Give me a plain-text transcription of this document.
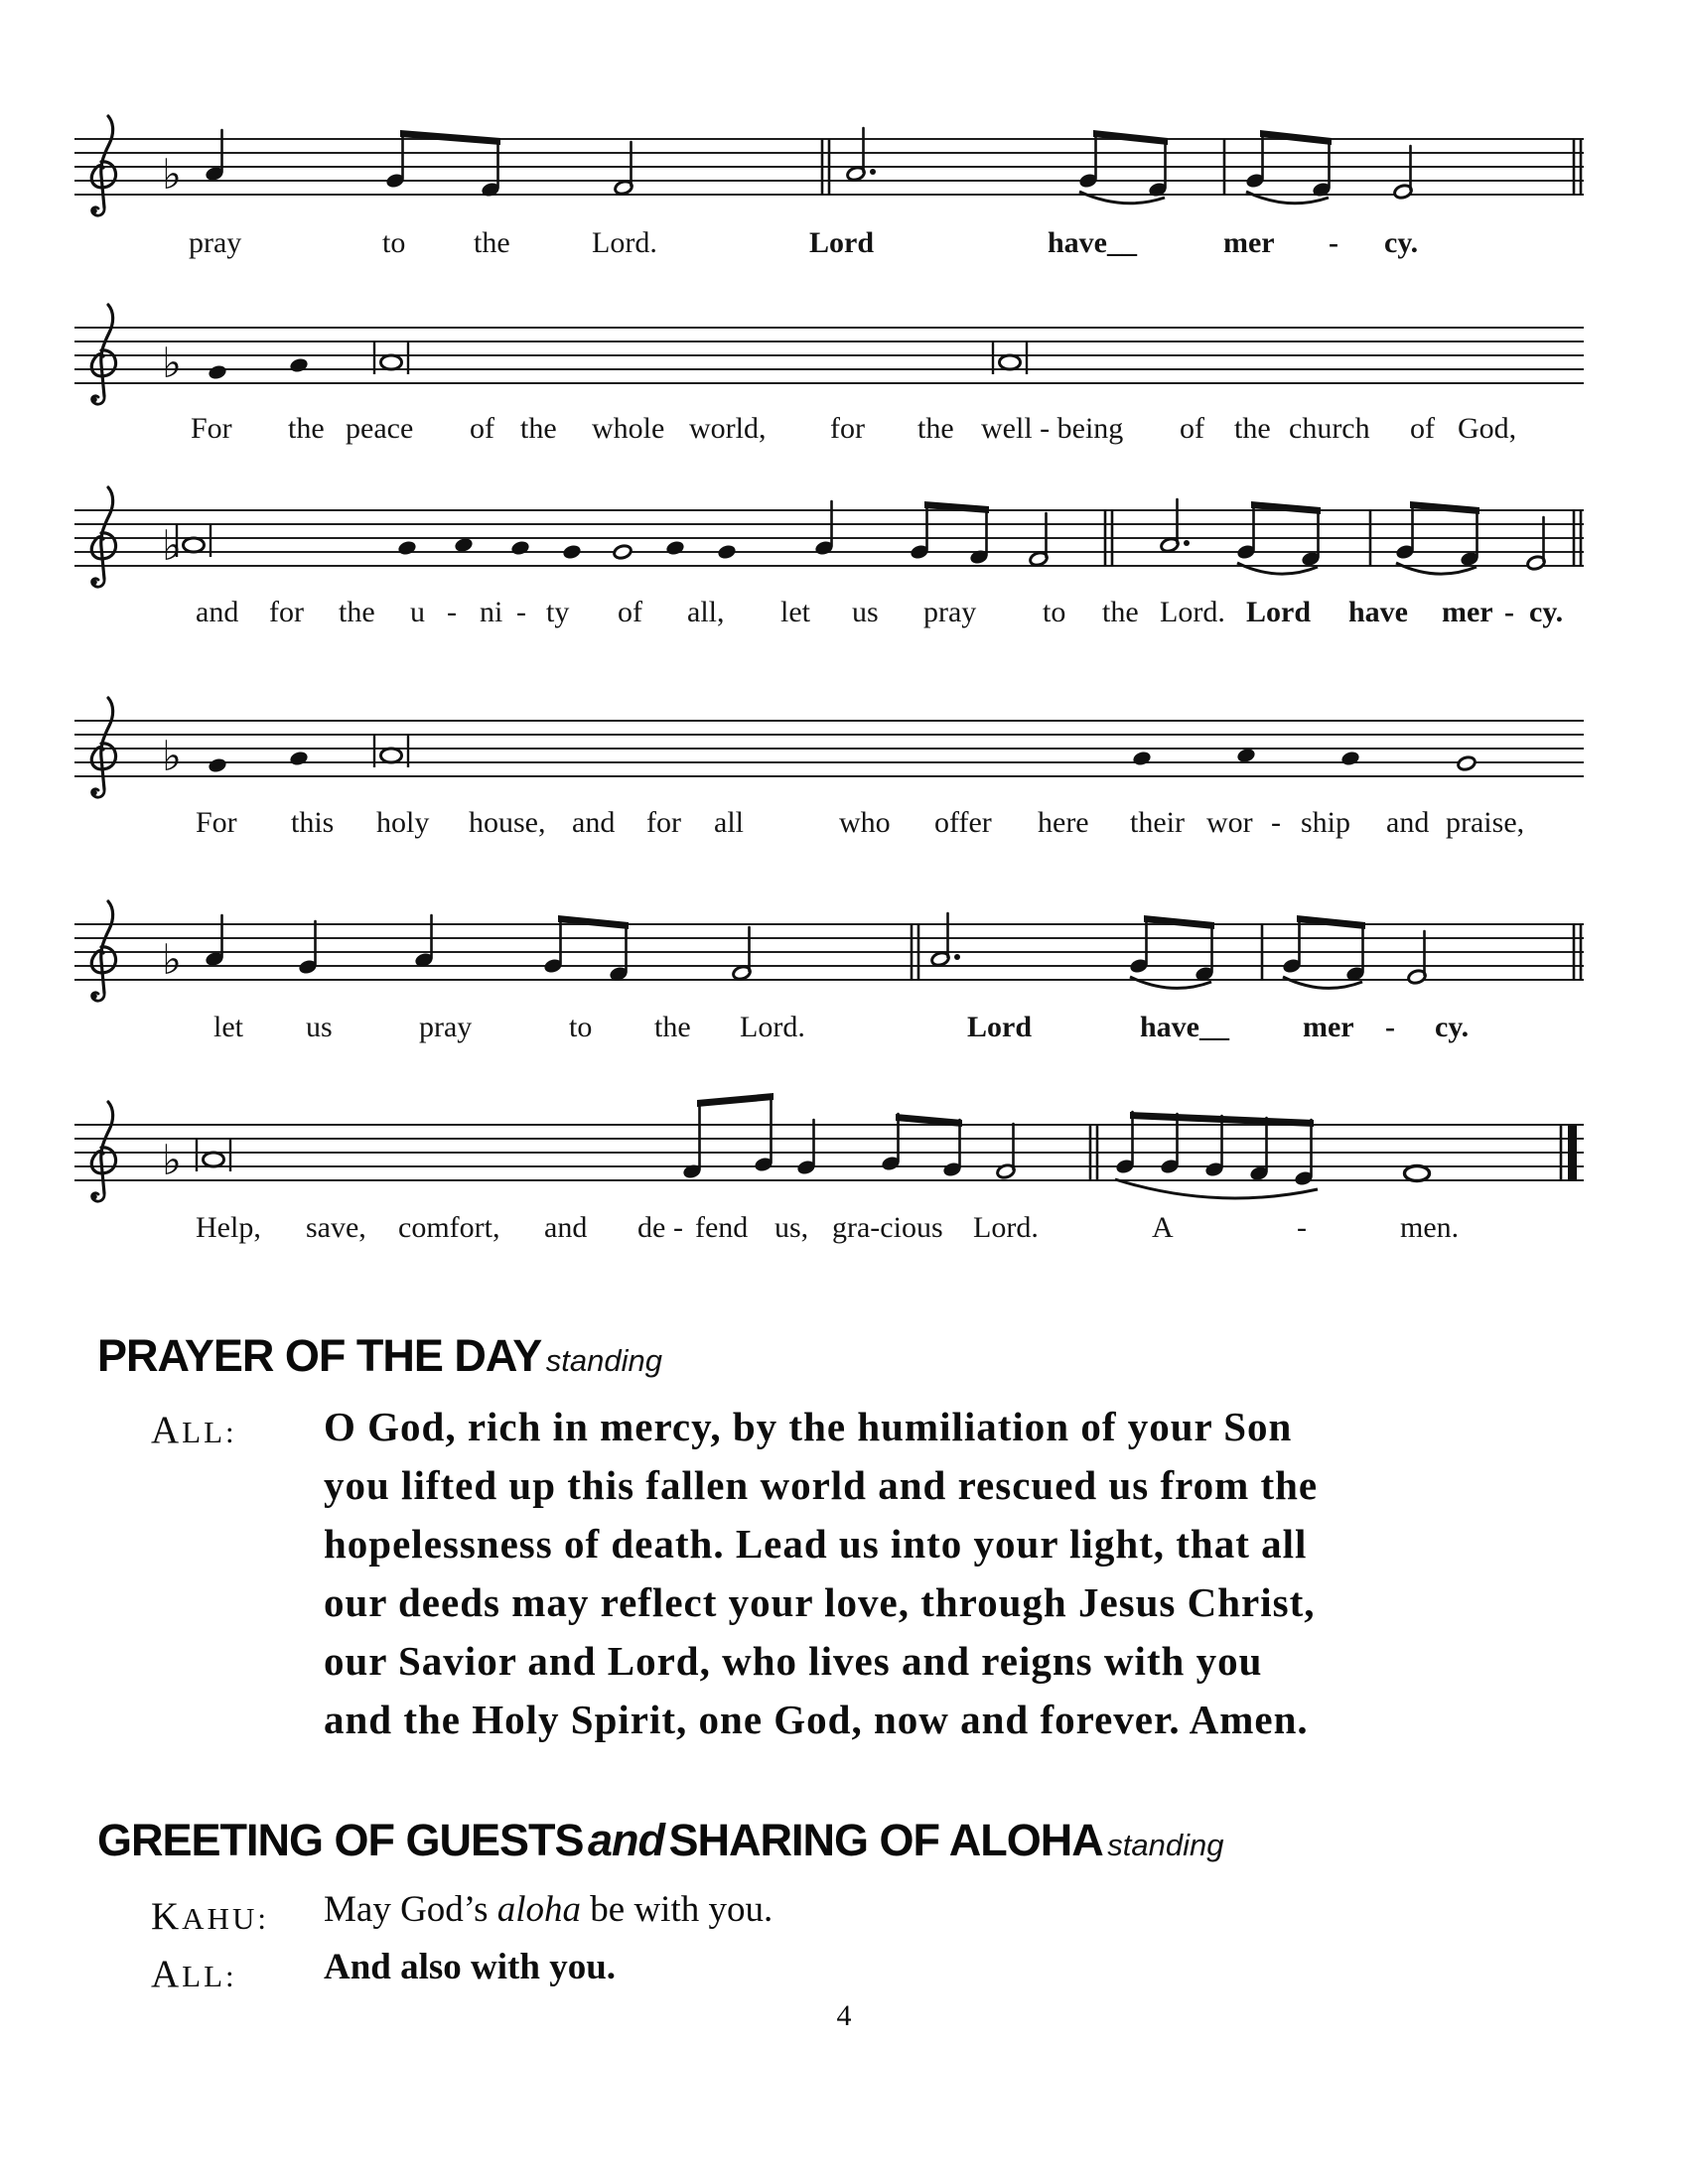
♭
pray	to the	Lord.	Lord	have__	mer - cy.
For the peace of the whole world, for the well - being of the church of God,
and for the u - ni - ty of all, let us pray to the Lord. Lord have mer - cy.
For this holy house, and for all	who offer here their wor - ship and praise,
let us	pray	to the Lord.	Lord	have__ mer - cy.
Help, save, comfort, and de - fend us, gra-cious Lord.	A	-	men.
PRAYER OF THE DAY standing
ALL: O God, rich in mercy, by the humiliation of your Son
you lifted up this fallen world and rescued us from the
hopelessness of death. Lead us into your light, that all
our deeds may reflect your love, through Jesus Christ,
our Savior and Lord, who lives and reigns with you
and the Holy Spirit, one God, now and forever. Amen.
GREETING OF GUESTS and SHARING OF ALOHA standing
KAHU: May God’s aloha be with you.
ALL: And also with you.
4
